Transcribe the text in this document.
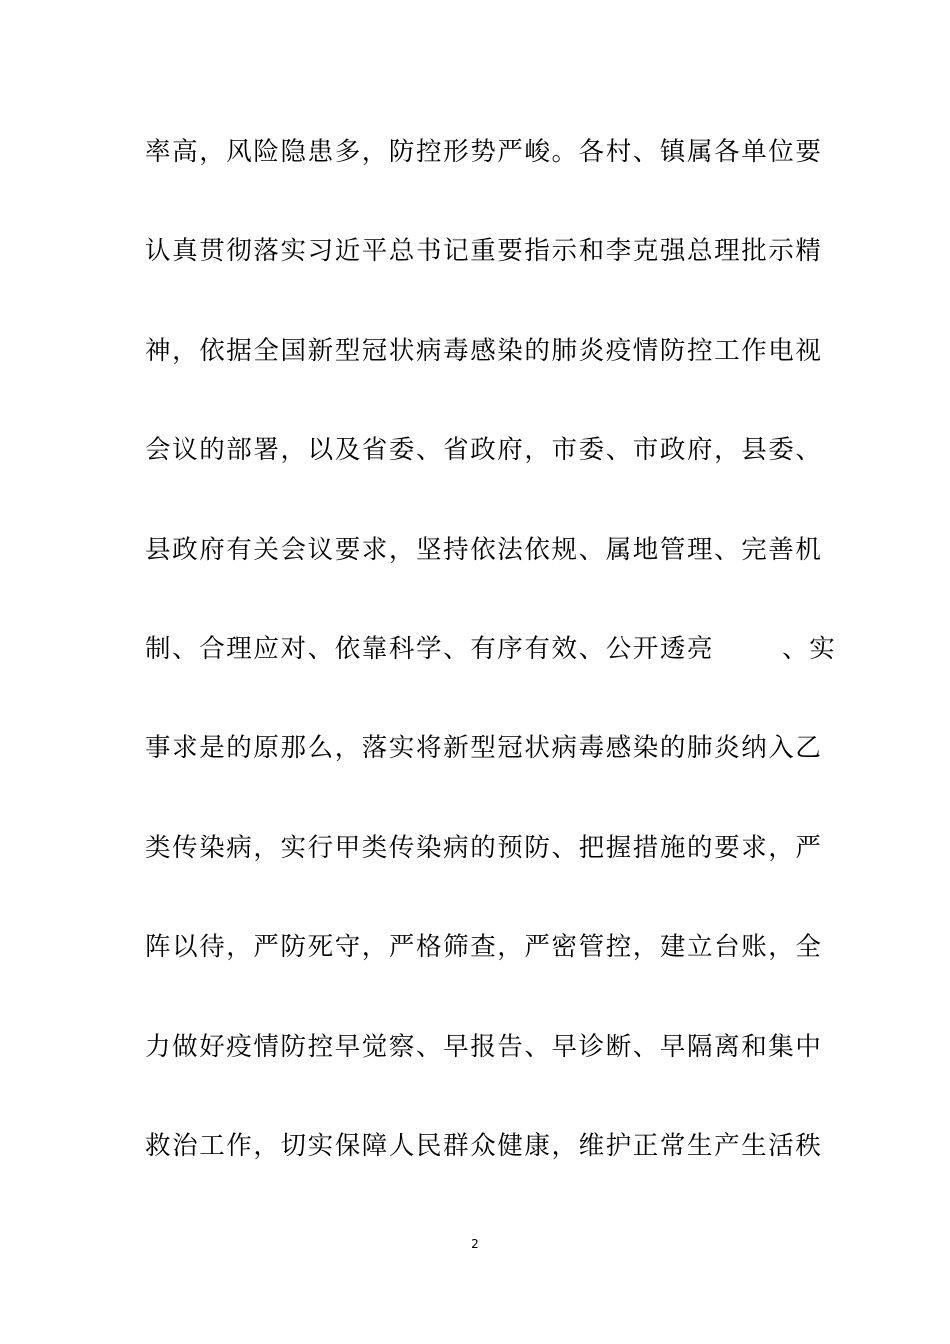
率高，风险隐患多，防控形势严峻。各村、镇属各单位要
认真贯彻落实习近平总书记重要指示和李克强总理批示精
神，依据全国新型冠状病毒感染的肺炎疫情防控工作电视
会议的部署，以及省委、省政府，市委、市政府，县委、
县政府有关会议要求，坚持依法依规、属地管理、完善机
制、合理应对、依靠科学、有序有效、公开透亮	、实
事求是的原那么，落实将新型冠状病毒感染的肺炎纳入乙
类传染病，实行甲类传染病的预防、把握措施的要求，严
阵以待，严防死守，严格筛查，严密管控，建立台账，全
力做好疫情防控早觉察、早报告、早诊断、早隔离和集中
救治工作，切实保障人民群众健康，维护正常生产生活秩
2
